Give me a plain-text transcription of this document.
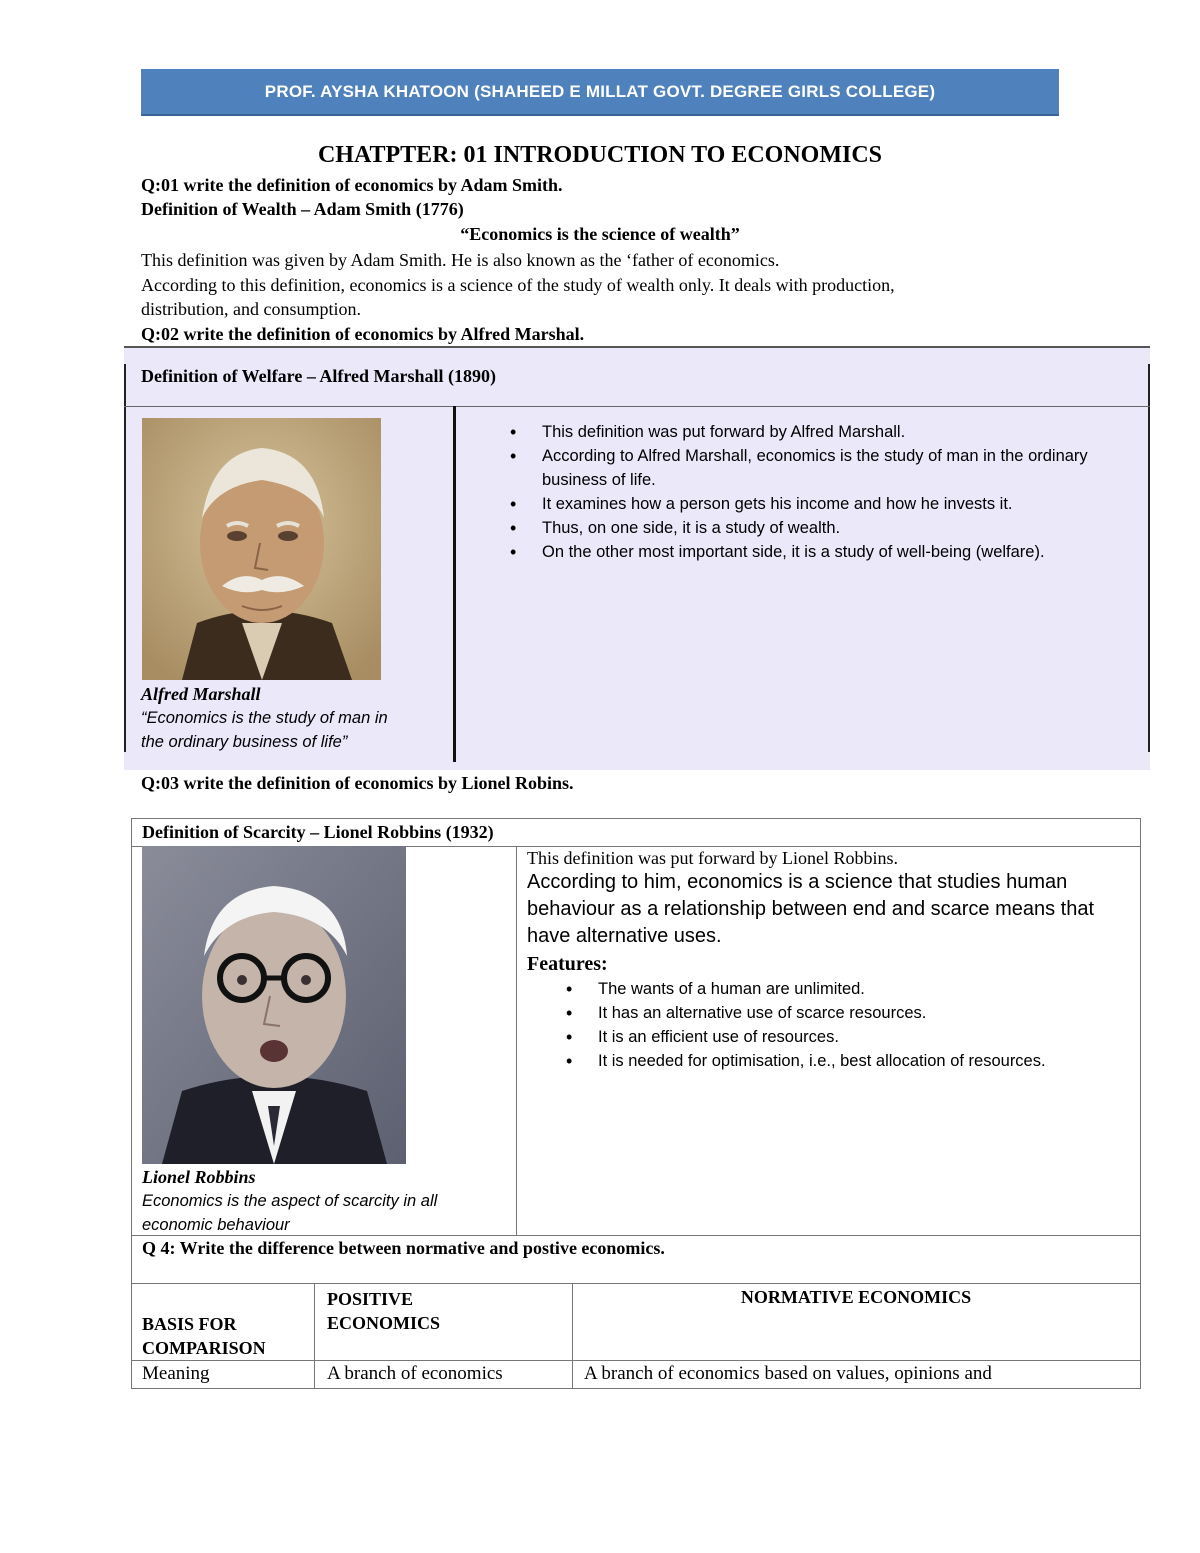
PROF. AYSHA KHATOON (SHAHEED E MILLAT GOVT. DEGREE GIRLS COLLEGE)
CHATPTER: 01 INTRODUCTION TO ECONOMICS
Q:01 write the definition of economics by Adam Smith.
Definition of Wealth – Adam Smith (1776)
“Economics is the science of wealth”
This definition was given by Adam Smith. He is also known as the ‘father of economics.
According to this definition, economics is a science of the study of wealth only. It deals with production,
distribution, and consumption.
Q:02 write the definition of economics by Alfred Marshal.
Definition of Welfare – Alfred Marshall (1890)
Alfred Marshall
“Economics is the study of man in
the ordinary business of life”
• This definition was put forward by Alfred Marshall.
• According to Alfred Marshall, economics is the study of man in the ordinary business of life.
• It examines how a person gets his income and how he invests it.
• Thus, on one side, it is a study of wealth.
• On the other most important side, it is a study of well-being (welfare).
Q:03 write the definition of economics by Lionel Robins.
Definition of Scarcity – Lionel Robbins (1932)
Lionel Robbins
Economics is the aspect of scarcity in all
economic behaviour
This definition was put forward by Lionel Robbins.
According to him, economics is a science that studies human
behaviour as a relationship between end and scarce means that
have alternative uses.
Features:
• The wants of a human are unlimited.
• It has an alternative use of scarce resources.
• It is an efficient use of resources.
• It is needed for optimisation, i.e., best allocation of resources.
Q 4: Write the difference between normative and postive economics.
BASIS FOR
COMPARISON
POSITIVE
ECONOMICS
NORMATIVE ECONOMICS
Meaning	A branch of economics	A branch of economics based on values, opinions and
